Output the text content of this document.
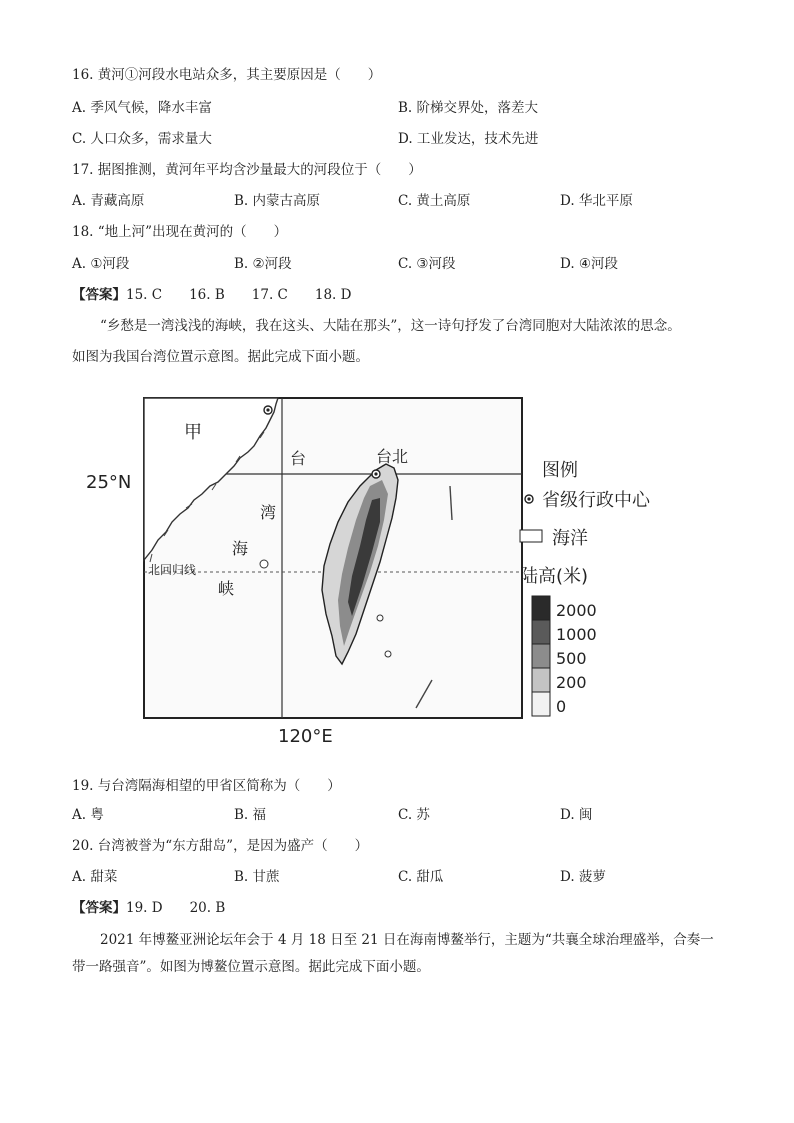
16. 黄河①河段水电站众多，其主要原因是（　　）
A. 季风气候，降水丰富	B. 阶梯交界处，落差大
C. 人口众多，需求量大	D. 工业发达，技术先进
17. 据图推测，黄河年平均含沙量最大的河段位于（　　）
A. 青藏高原	B. 内蒙古高原	C. 黄土高原	D. 华北平原
18. “地上河”出现在黄河的（　　）
A. ①河段	B. ②河段	C. ③河段	D. ④河段
【答案】15. C　　16. B　　17. C　　18. D
“乡愁是一湾浅浅的海峡，我在这头、大陆在那头”，这一诗句抒发了台湾同胞对大陆浓浓的思念。
如图为我国台湾位置示意图。据此完成下面小题。
甲
台	台北
湾
海
峡
25°N
北回归线
120°E
图例
省级行政中心
海洋
陆高(米)
2000
1000
500
200
0
19. 与台湾隔海相望的甲省区简称为（　　）
A. 粤	B. 福	C. 苏	D. 闽
20. 台湾被誉为“东方甜岛”，是因为盛产（　　）
A. 甜菜	B. 甘蔗	C. 甜瓜	D. 菠萝
【答案】19. D　　20. B
2021 年博鳌亚洲论坛年会于 4 月 18 日至 21 日在海南博鳌举行，主题为“共襄全球治理盛举，合奏一带一路强音”。如图为博鳌位置示意图。据此完成下面小题。
